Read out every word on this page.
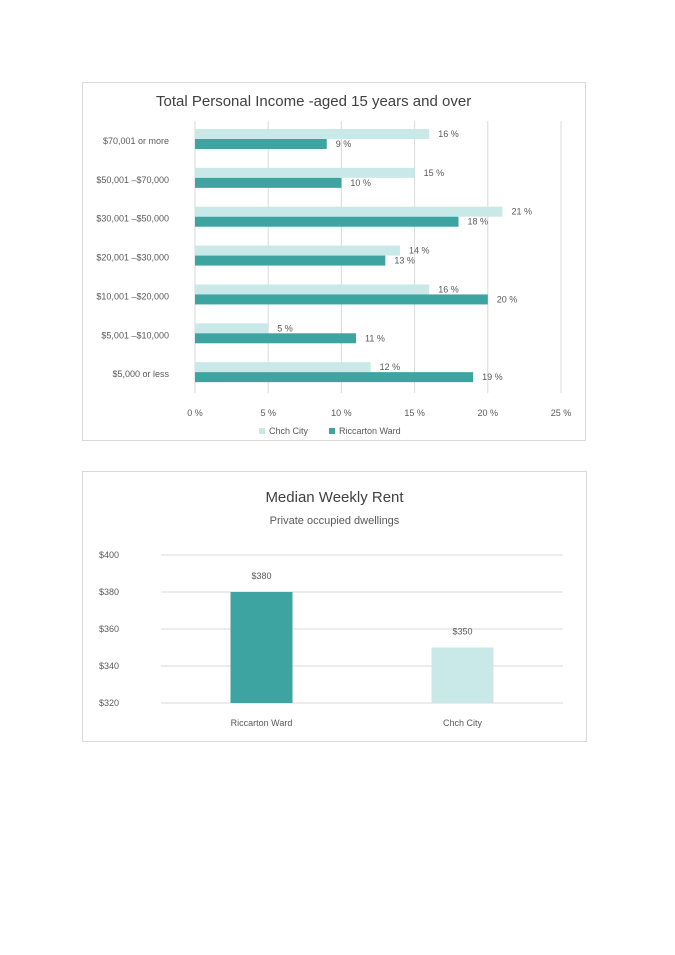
Total Personal Income -aged 15 years and over
0 %	5 %	10 %	15 %	20 %	25 %
$70,001 or more
16 %
9 %
$50,001 –$70,000
15 %
10 %
$30,001 –$50,000
21 %
18 %
$20,001 –$30,000
14 %
13 %
$10,001 –$20,000
16 %
20 %
$5,001 –$10,000
5 %
11 %
$5,000 or less
12 %
19 %
Chch City	Riccarton Ward
Median Weekly Rent
Private occupied dwellings
$320
$340
$360
$380
$400
$380
Riccarton Ward
$350
Chch City
